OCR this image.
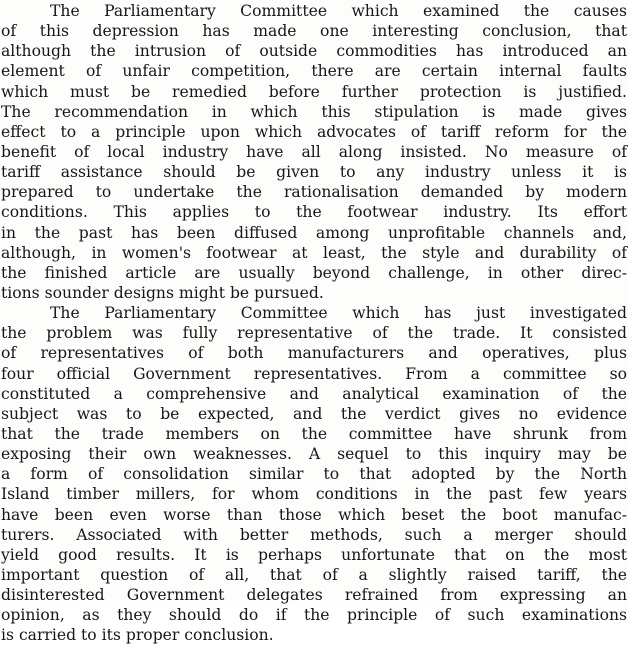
The Parliamentary Committee which examined the causes
of this depression has made one interesting conclusion, that
although the intrusion of outside commodities has introduced an
element of unfair competition, there are certain internal faults
which must be remedied before further protection is justified.
The recommendation in which this stipulation is made gives
effect to a principle upon which advocates of tariff reform for the
benefit of local industry have all along insisted. No measure of
tariff assistance should be given to any industry unless it is
prepared to undertake the rationalisation demanded by modern
conditions. This applies to the footwear industry. Its effort
in the past has been diffused among unprofitable channels and,
although, in women's footwear at least, the style and durability of
the finished article are usually beyond challenge, in other direc-
tions sounder designs might be pursued.
The Parliamentary Committee which has just investigated
the problem was fully representative of the trade. It consisted
of representatives of both manufacturers and operatives, plus
four official Government representatives. From a committee so
constituted a comprehensive and analytical examination of the
subject was to be expected, and the verdict gives no evidence
that the trade members on the committee have shrunk from
exposing their own weaknesses. A sequel to this inquiry may be
a form of consolidation similar to that adopted by the North
Island timber millers, for whom conditions in the past few years
have been even worse than those which beset the boot manufac-
turers. Associated with better methods, such a merger should
yield good results. It is perhaps unfortunate that on the most
important question of all, that of a slightly raised tariff, the
disinterested Government delegates refrained from expressing an
opinion, as they should do if the principle of such examinations
is carried to its proper conclusion.
